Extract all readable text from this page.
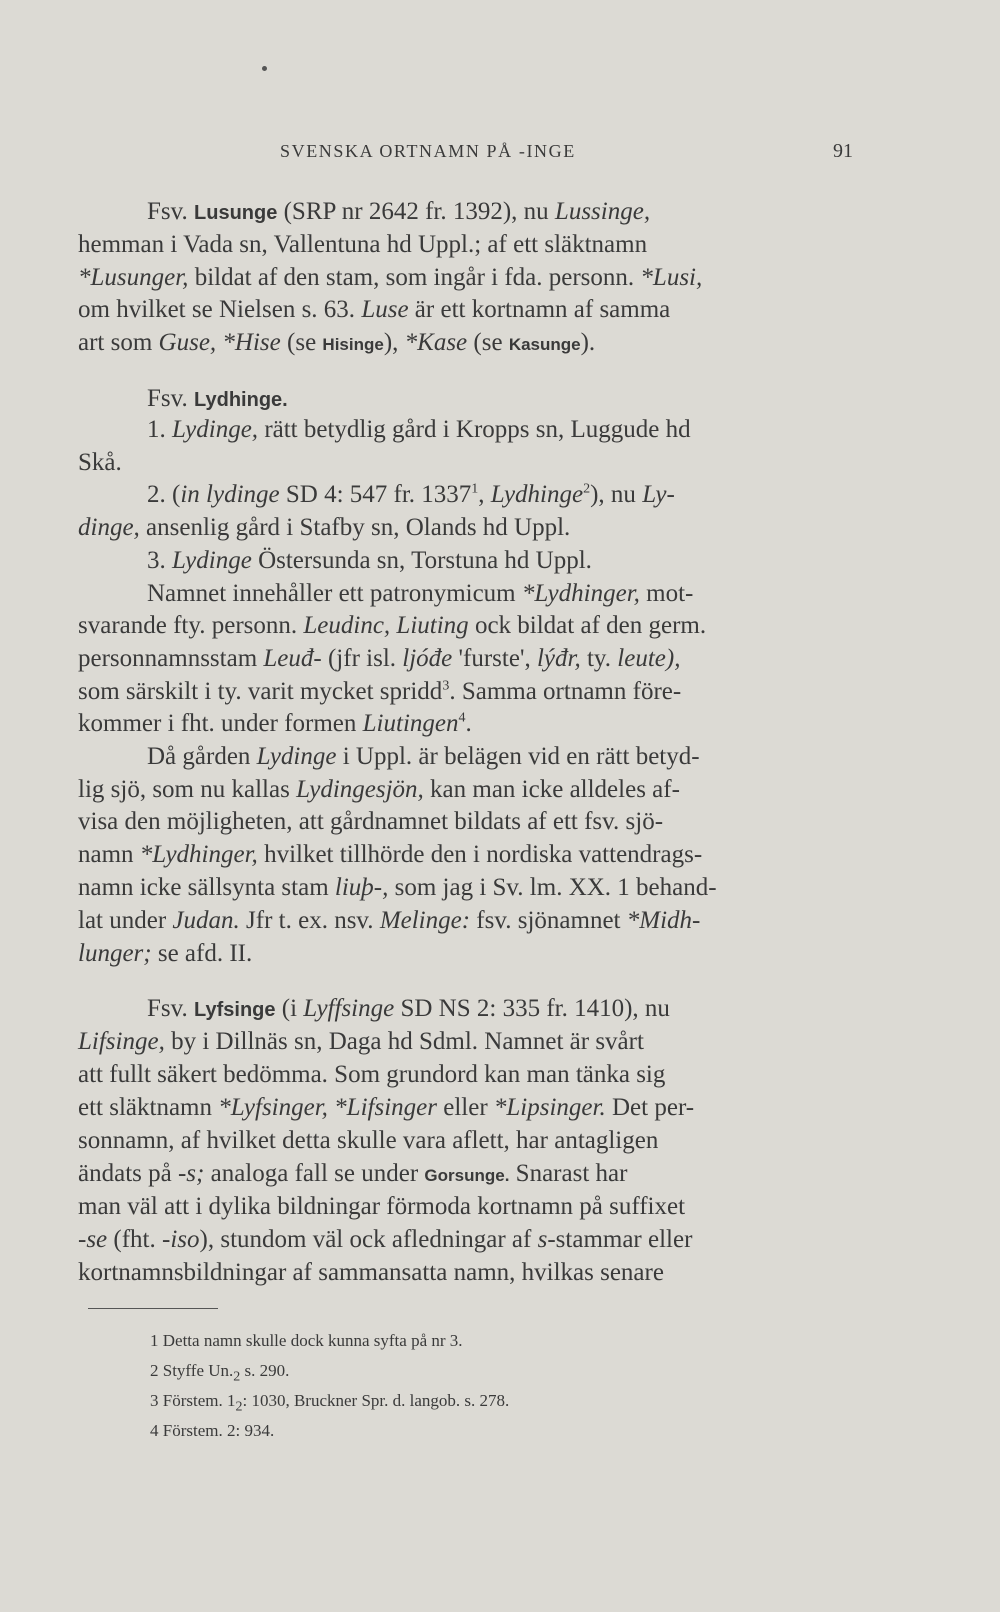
SVENSKA ORTNAMN PÅ -INGE	91
Fsv. Lusunge (SRP nr 2642 fr. 1392), nu Lussinge,
hemman i Vada sn, Vallentuna hd Uppl.; af ett släktnamn
*Lusunger, bildat af den stam, som ingår i fda. personn. *Lusi,
om hvilket se Nielsen s. 63. Luse är ett kortnamn af samma
art som Guse, *Hise (se Hisinge), *Kase (se Kasunge).
Fsv. Lydhinge.
1. Lydinge, rätt betydlig gård i Kropps sn, Luggude hd
Skå.
2. (in lydinge SD 4: 547 fr. 1337$^1$, Lydhinge$^2$), nu Ly-
dinge, ansenlig gård i Stafby sn, Olands hd Uppl.
3. Lydinge Östersunda sn, Torstuna hd Uppl.
Namnet innehåller ett patronymicum *Lydhinger, mot-
svarande fty. personn. Leudinc, Liuting ock bildat af den germ.
personnamnsstam Leuđ- (jfr isl. ljóđe 'furste', lýđr, ty. leute),
som särskilt i ty. varit mycket spridd$^3$. Samma ortnamn före-
kommer i fht. under formen Liutingen$^4$.
Då gården Lydinge i Uppl. är belägen vid en rätt betyd-
lig sjö, som nu kallas Lydingesjön, kan man icke alldeles af-
visa den möjligheten, att gårdnamnet bildats af ett fsv. sjö-
namn *Lydhinger, hvilket tillhörde den i nordiska vattendrags-
namn icke sällsynta stam liuþ-, som jag i Sv. lm. XX. 1 behand-
lat under Judan. Jfr t. ex. nsv. Melinge: fsv. sjönamnet *Midh-
lunger; se afd. II.
Fsv. Lyfsinge (i Lyffsinge SD NS 2: 335 fr. 1410), nu
Lifsinge, by i Dillnäs sn, Daga hd Sdml. Namnet är svårt
att fullt säkert bedömma. Som grundord kan man tänka sig
ett släktnamn *Lyfsinger, *Lifsinger eller *Lipsinger. Det per-
sonnamn, af hvilket detta skulle vara aflett, har antagligen
ändats på -s; analoga fall se under Gorsunge. Snarast har
man väl att i dylika bildningar förmoda kortnamn på suffixet
-se (fht. -iso), stundom väl ock afledningar af s-stammar eller
kortnamnsbildningar af sammansatta namn, hvilkas senare
1 Detta namn skulle dock kunna syfta på nr 3.
2 Styffe $Un._2$ s. 290.
3 Förstem. $1_2$: 1030, Bruckner Spr. d. langob. s. 278.
4 Förstem. 2: 934.
